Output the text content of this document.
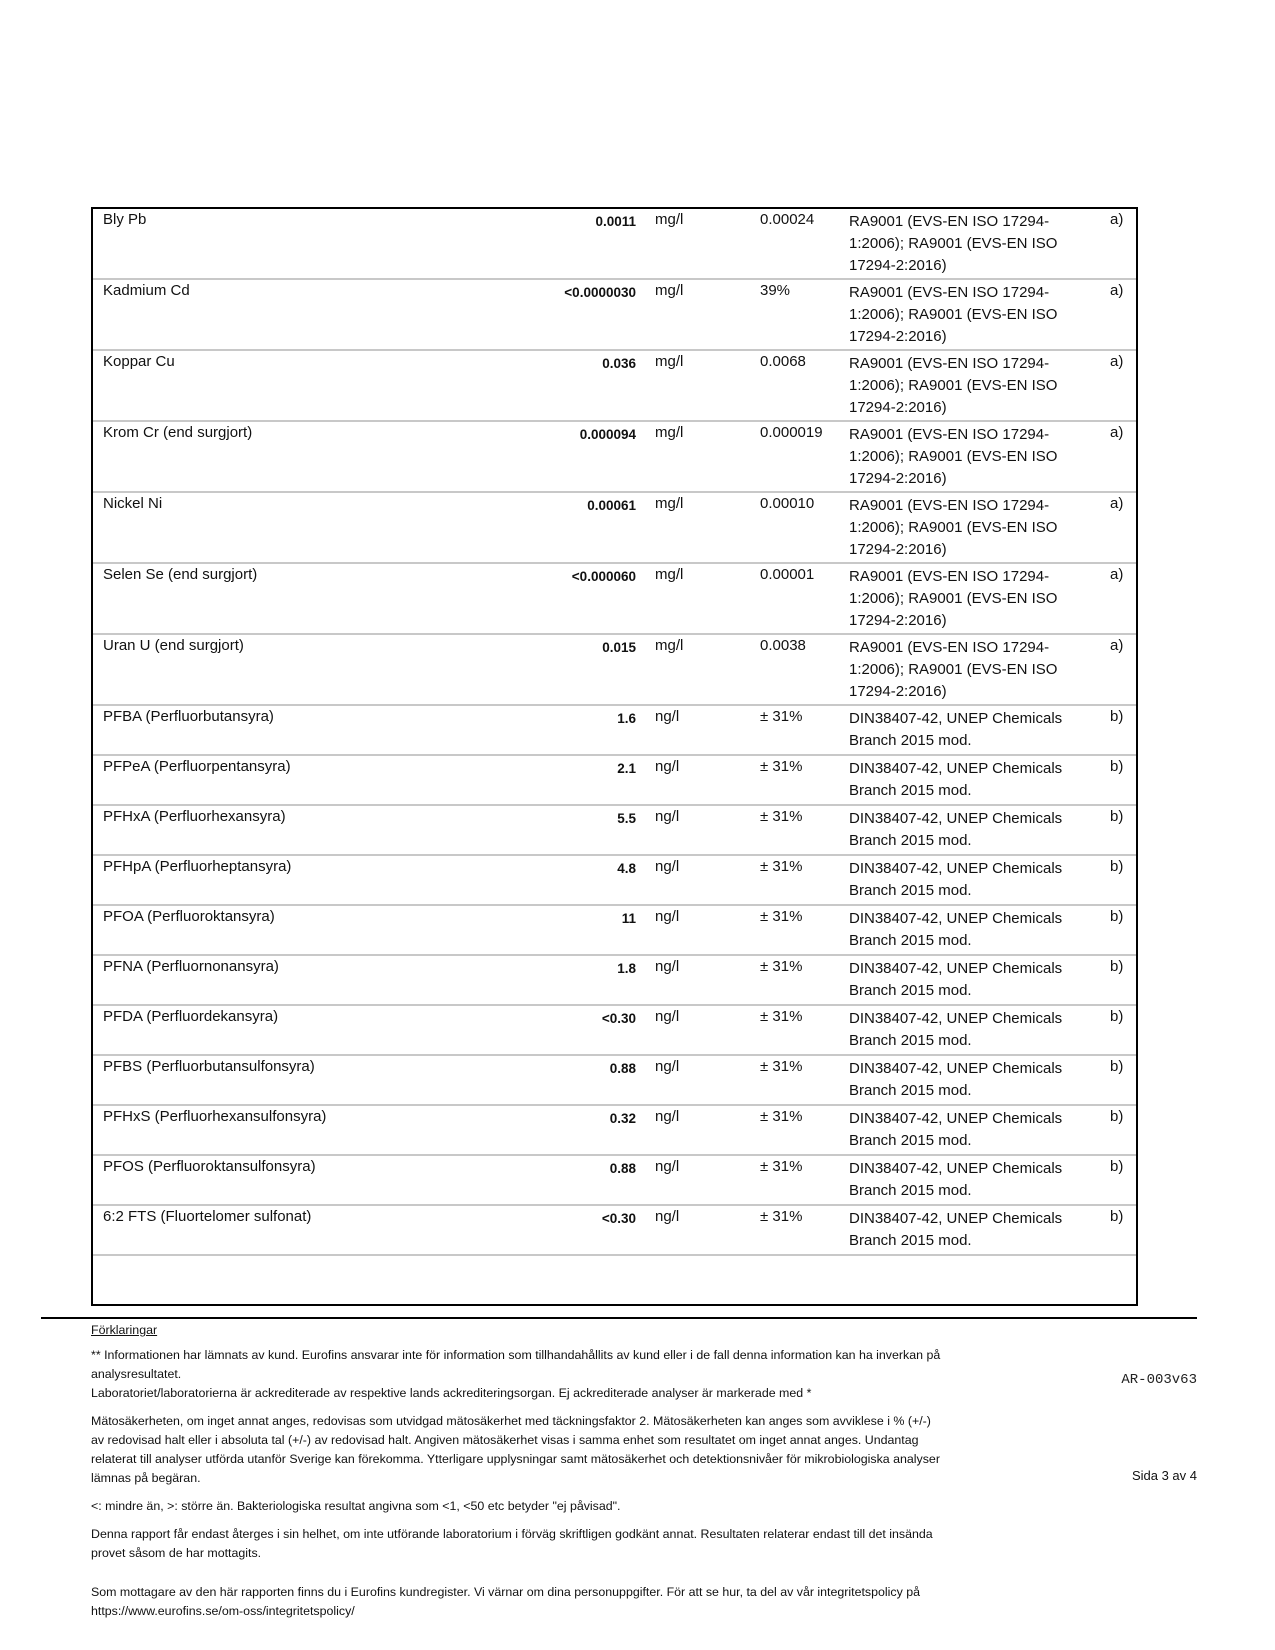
Bly Pb	0.0011 mg/l	0.00024 RA9001 (EVS-EN ISO 17294-1:2006); RA9001 (EVS-EN ISO 17294-2:2016)
a)
Kadmium Cd	<0.0000030 mg/l	39%	RA9001 (EVS-EN ISO 17294-1:2006); RA9001 (EVS-EN ISO 17294-2:2016)
a)
Koppar Cu	0.036 mg/l	0.0068	RA9001 (EVS-EN ISO 17294-1:2006); RA9001 (EVS-EN ISO 17294-2:2016)
a)
Krom Cr (end surgjort)	0.000094 mg/l	0.000019 RA9001 (EVS-EN ISO 17294-1:2006); RA9001 (EVS-EN ISO 17294-2:2016)
a)
Nickel Ni	0.00061 mg/l	0.00010 RA9001 (EVS-EN ISO 17294-1:2006); RA9001 (EVS-EN ISO 17294-2:2016)
a)
Selen Se (end surgjort)	<0.000060 mg/l	0.00001 RA9001 (EVS-EN ISO 17294-1:2006); RA9001 (EVS-EN ISO 17294-2:2016)
a)
Uran U (end surgjort)	0.015 mg/l	0.0038	RA9001 (EVS-EN ISO 17294-1:2006); RA9001 (EVS-EN ISO 17294-2:2016)
a)
PFBA (Perfluorbutansyra)	1.6 ng/l	± 31%	DIN38407-42, UNEP Chemicals Branch 2015 mod.
b)
PFPeA (Perfluorpentansyra)	2.1 ng/l	± 31%	DIN38407-42, UNEP Chemicals Branch 2015 mod.
b)
PFHxA (Perfluorhexansyra)	5.5 ng/l	± 31%	DIN38407-42, UNEP Chemicals Branch 2015 mod.
b)
PFHpA (Perfluorheptansyra)	4.8 ng/l	± 31%	DIN38407-42, UNEP Chemicals Branch 2015 mod.
b)
PFOA (Perfluoroktansyra)	11 ng/l	± 31%	DIN38407-42, UNEP Chemicals Branch 2015 mod.
b)
PFNA (Perfluornonansyra)	1.8 ng/l	± 31%	DIN38407-42, UNEP Chemicals Branch 2015 mod.
b)
PFDA (Perfluordekansyra)	<0.30 ng/l	± 31%	DIN38407-42, UNEP Chemicals Branch 2015 mod.
b)
PFBS (Perfluorbutansulfonsyra)	0.88 ng/l	± 31%	DIN38407-42, UNEP Chemicals Branch 2015 mod.
b)
PFHxS (Perfluorhexansulfonsyra)	0.32 ng/l	± 31%	DIN38407-42, UNEP Chemicals Branch 2015 mod.
b)
PFOS (Perfluoroktansulfonsyra)	0.88 ng/l	± 31%	DIN38407-42, UNEP Chemicals Branch 2015 mod.
b)
6:2 FTS (Fluortelomer sulfonat)	<0.30 ng/l	± 31%	DIN38407-42, UNEP Chemicals Branch 2015 mod.
b)

Förklaringar

** Informationen har lämnats av kund. Eurofins ansvarar inte för information som tillhandahållits av kund eller i de fall denna information kan ha inverkan på analysresultatet.

Laboratoriet/laboratorierna är ackrediterade av respektive lands ackrediteringsorgan. Ej ackrediterade analyser är markerade med *

Mätosäkerheten, om inget annat anges, redovisas som utvidgad mätosäkerhet med täckningsfaktor 2. Mätosäkerheten kan anges som avviklese i % (+/-) av redovisad halt eller i absoluta tal (+/-) av redovisad halt. Angiven mätosäkerhet visas i samma enhet som resultatet om inget annat anges. Undantag relaterat till analyser utförda utanför Sverige kan förekomma. Ytterligare upplysningar samt mätosäkerhet och detektionsnivåer för mikrobiologiska analyser lämnas på begäran.

<: mindre än, >: större än. Bakteriologiska resultat angivna som <1, <50 etc betyder "ej påvisad".

Denna rapport får endast återges i sin helhet, om inte utförande laboratorium i förväg skriftligen godkänt annat. Resultaten relaterar endast till det insända provet såsom de har mottagits.

Som mottagare av den här rapporten finns du i Eurofins kundregister. Vi värnar om dina personuppgifter. För att se hur, ta del av vår integritetspolicy på https://www.eurofins.se/om-oss/integritetspolicy/

AR-003v63
Sida 3 av 4
